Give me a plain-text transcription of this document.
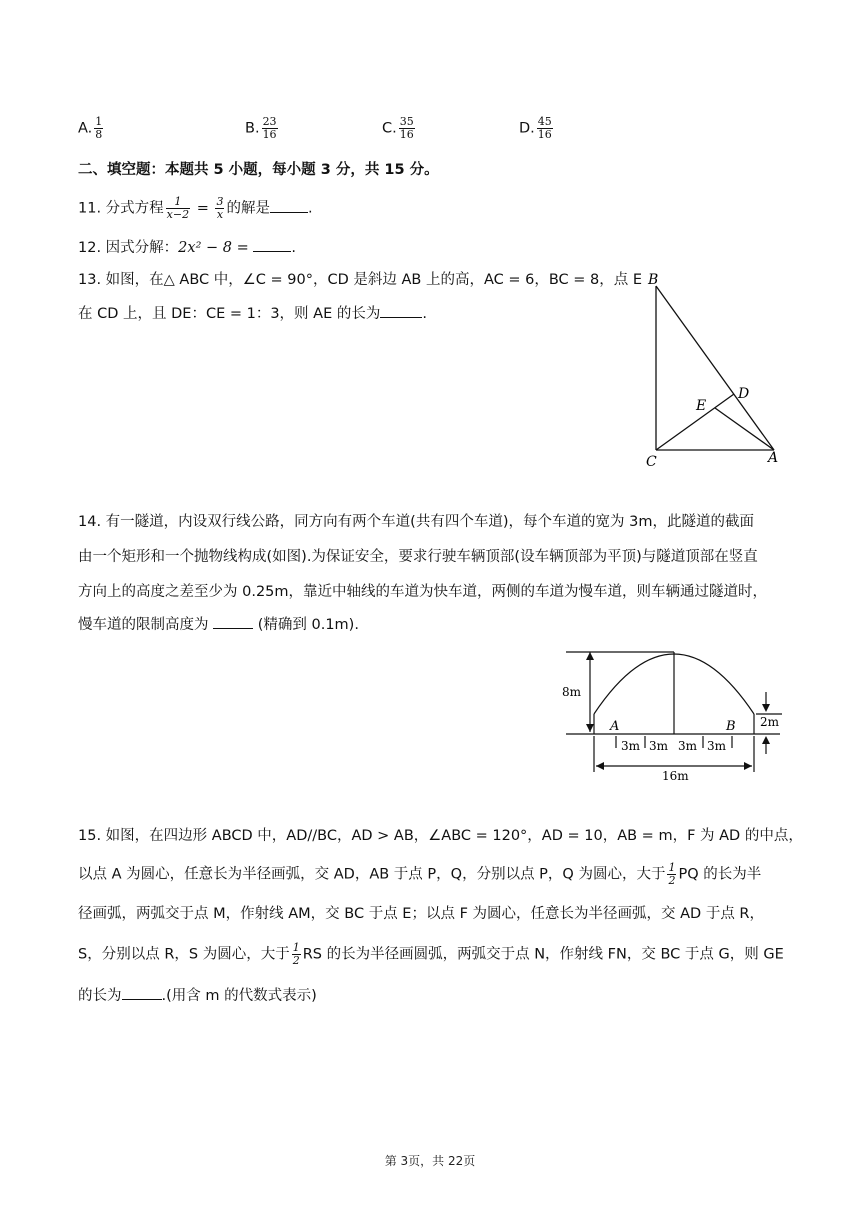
A. $\frac{1}{8}$	B. $\frac{23}{16}$	C. $\frac{35}{16}$	D. $\frac{45}{16}$
二、填空题：本题共 5 小题，每小题 3 分，共 15 分。
11. 分式方程 $\frac{1}{x-2} = \frac{3}{x}$ 的解是	.
12. 因式分解：2x² − 8 =	.
13. 如图，在△ ABC 中，∠C = 90°，CD 是斜边 AB 上的高，AC = 6，BC = 8，点 E
在 CD 上，且 DE：CE = 1：3，则 AE 的长为	.
B
D
E
C	A
14. 有一隧道，内设双行线公路，同方向有两个车道(共有四个车道)，每个车道的宽为 3m，此隧道的截面
由一个矩形和一个抛物线构成(如图).为保证安全，要求行驶车辆顶部(设车辆顶部为平顶)与隧道顶部在竖直
方向上的高度之差至少为 0.25m，靠近中轴线的车道为快车道，两侧的车道为慢车道，则车辆通过隧道时，
慢车道的限制高度为	(精确到 0.1m).
8m
2m
A	B
3m 3m 3m 3m
16m
15. 如图，在四边形 ABCD 中，AD//BC，AD > AB，∠ABC = 120°，AD = 10，AB = m，F 为 AD 的中点，
以点 A 为圆心，任意长为半径画弧，交 AD，AB 于点 P，Q，分别以点 P，Q 为圆心，大于 $\frac{1}{2}$ PQ 的长为半
径画弧，两弧交于点 M，作射线 AM，交 BC 于点 E；以点 F 为圆心，任意长为半径画弧，交 AD 于点 R，
S，分别以点 R，S 为圆心，大于 $\frac{1}{2}$ RS 的长为半径画圆弧，两弧交于点 N，作射线 FN，交 BC 于点 G，则 GE
的长为	.(用含 m 的代数式表示)
第 3页，共 22页
